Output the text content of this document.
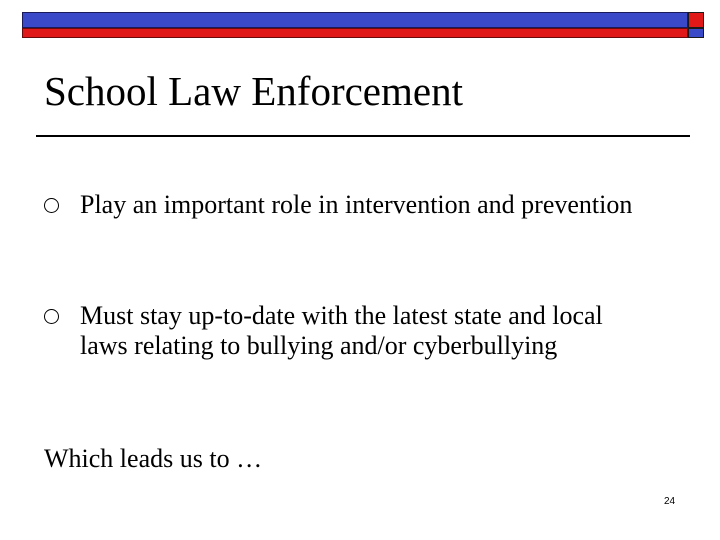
School Law Enforcement
Play an important role in intervention and prevention
Must stay up-to-date with the latest state and local laws relating to bullying and/or cyberbullying
Which leads us to …
24
